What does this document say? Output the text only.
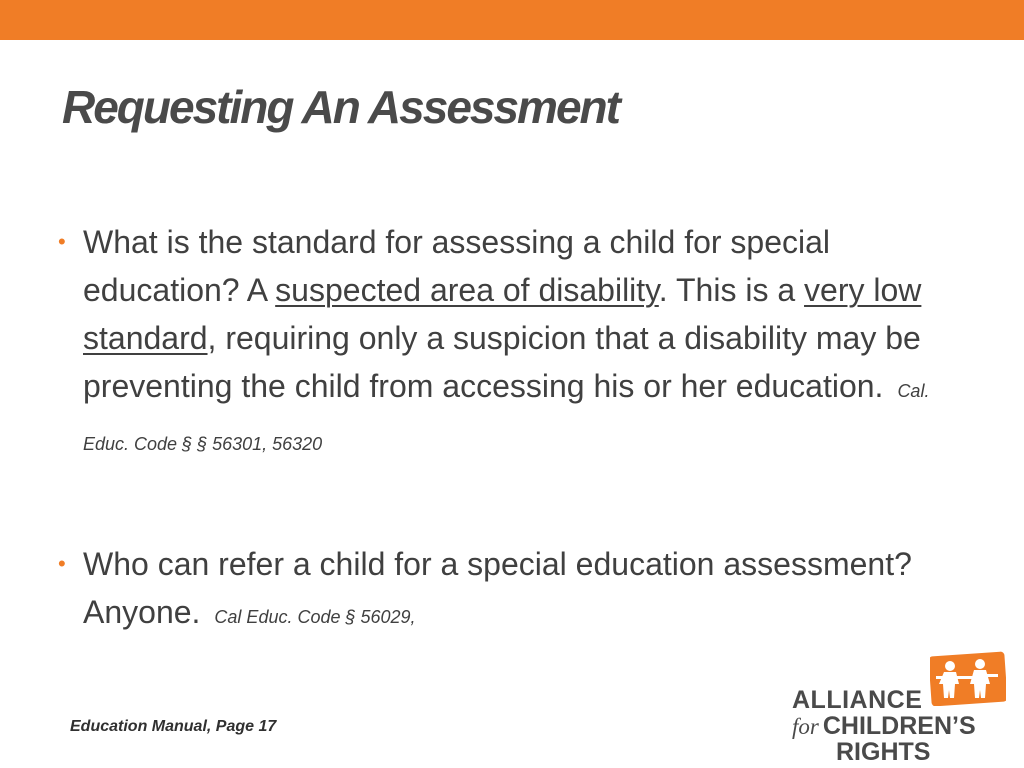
Requesting An Assessment
• What is the standard for assessing a child for special education? A suspected area of disability. This is a very low standard, requiring only a suspicion that a disability may be preventing the child from accessing his or her education. Cal. Educ. Code § § 56301, 56320
• Who can refer a child for a special education assessment? Anyone. Cal Educ. Code § 56029,
Education Manual, Page 17
ALLIANCE
for CHILDREN’S
RIGHTS
